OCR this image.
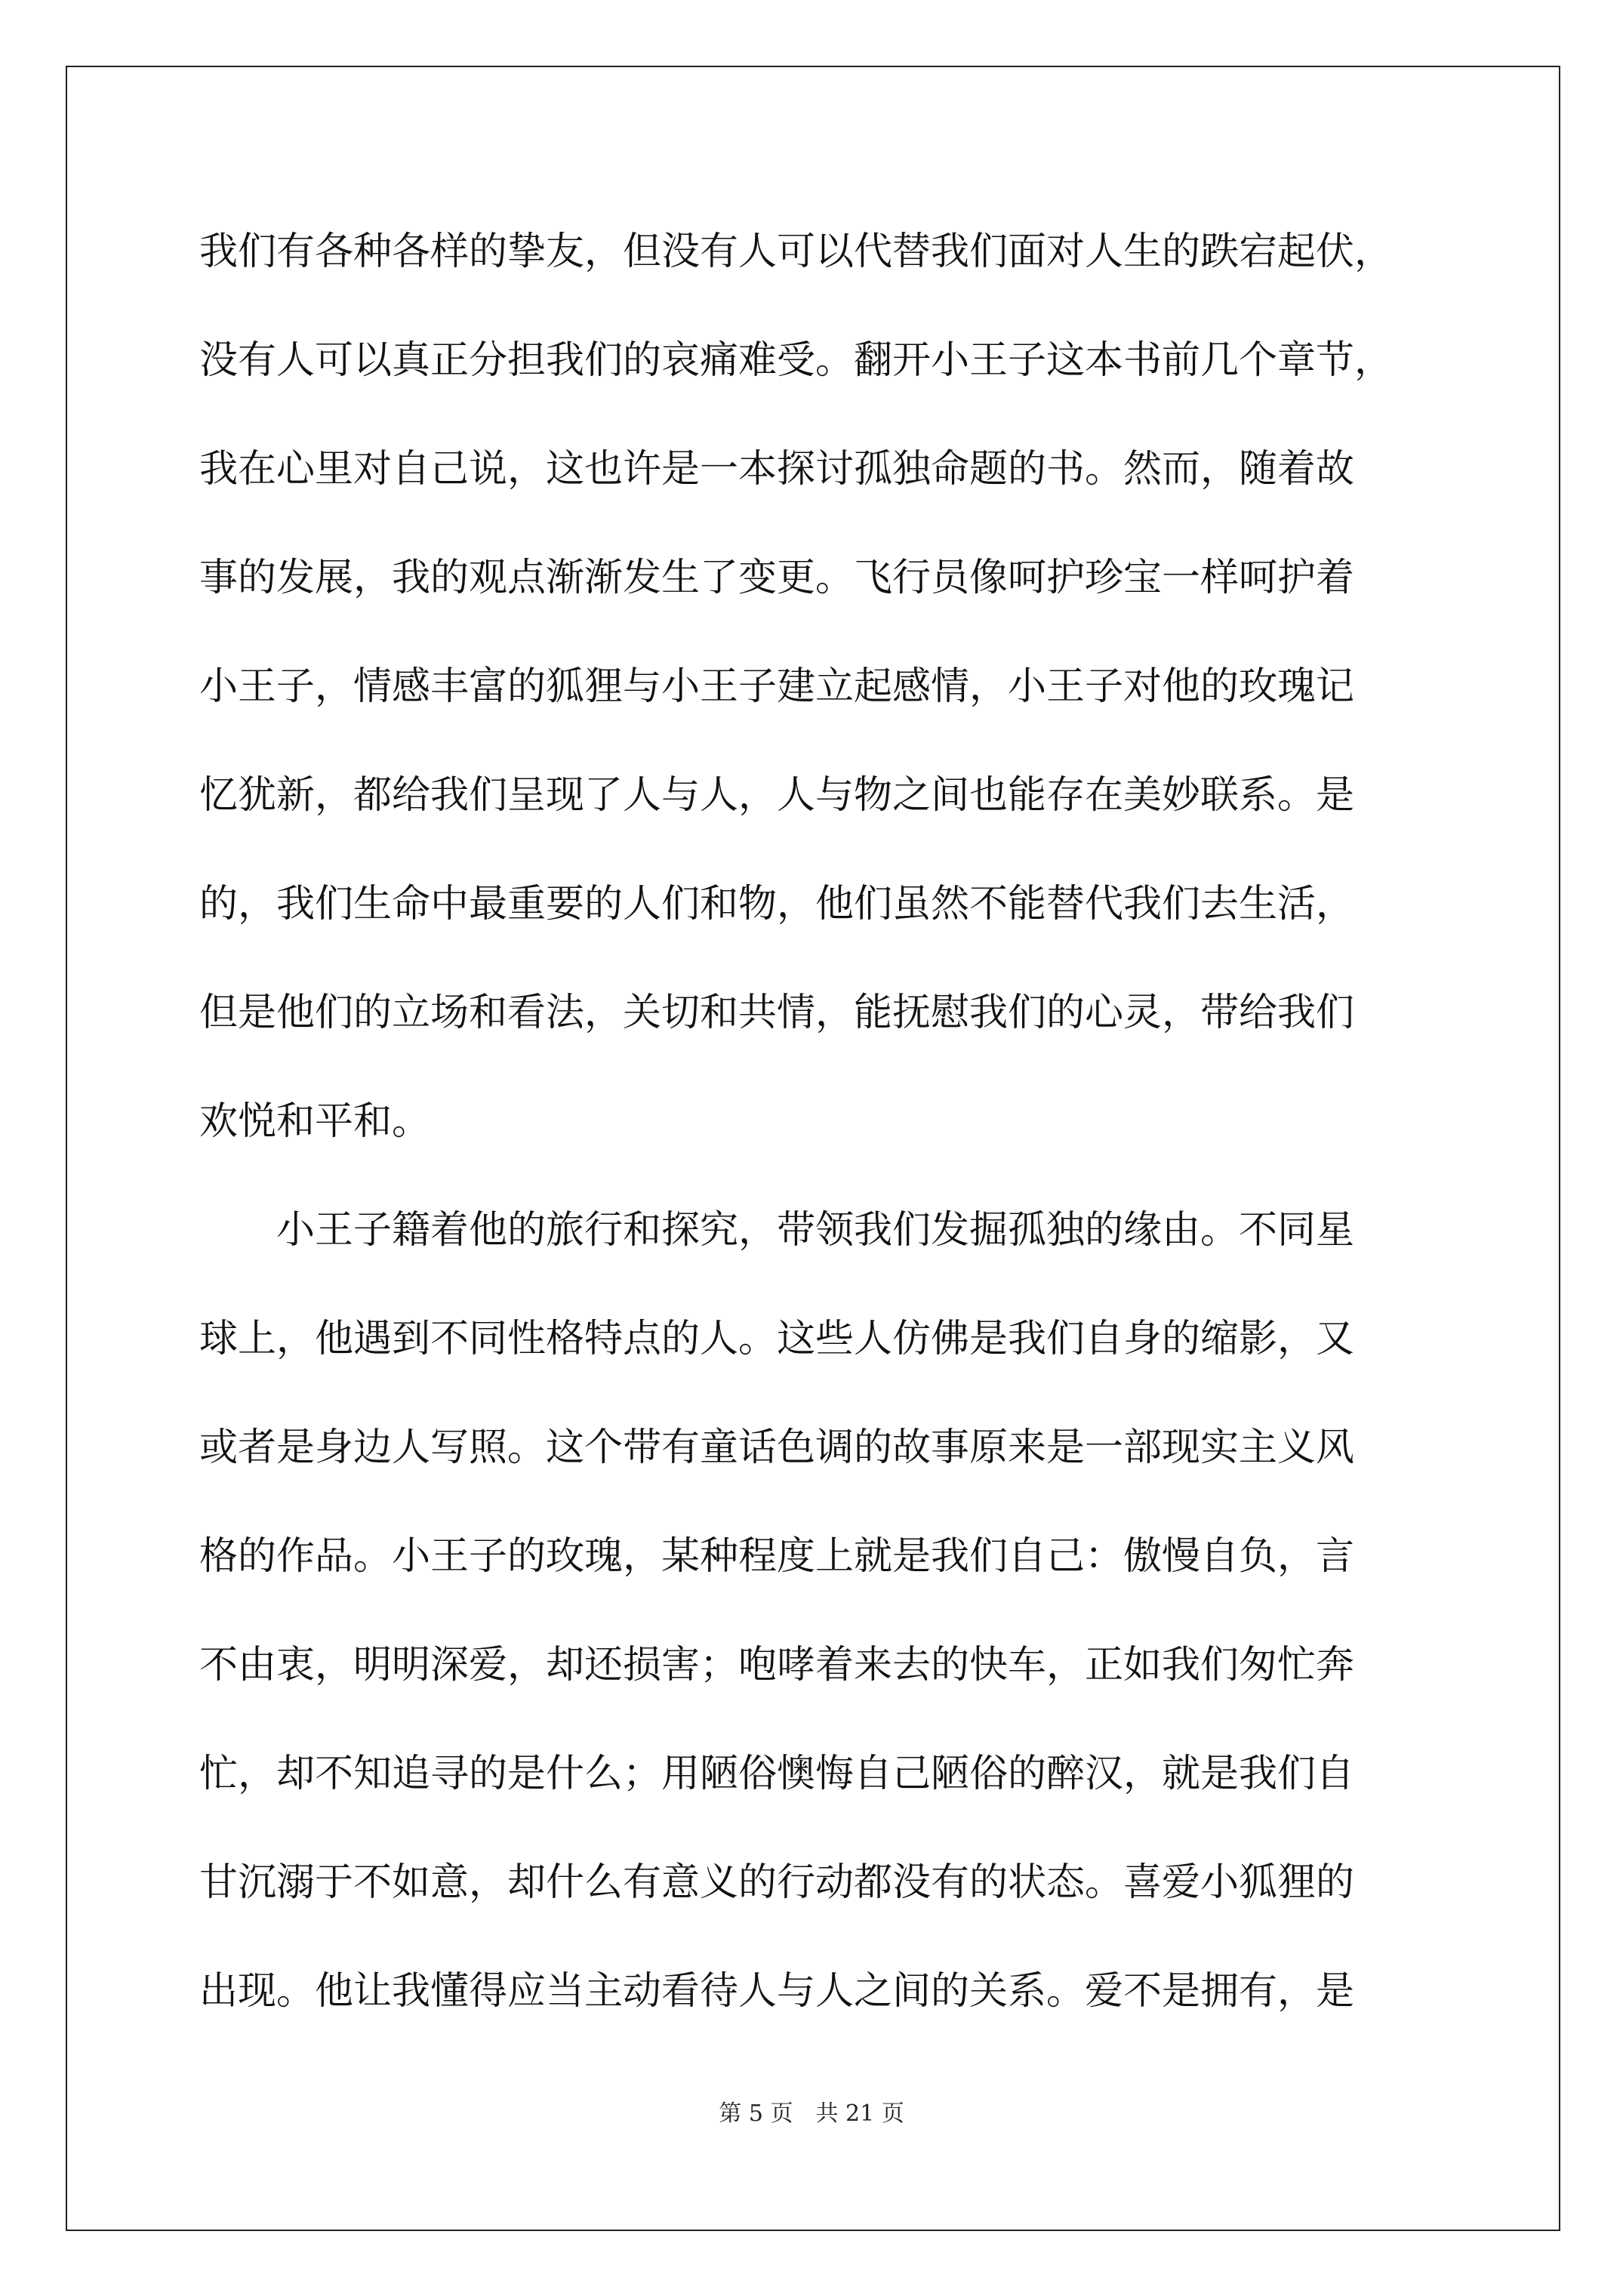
我们有各种各样的挚友，但没有人可以代替我们面对人生的跌宕起伏，
没有人可以真正分担我们的哀痛难受。翻开小王子这本书前几个章节，
我在心里对自己说，这也许是一本探讨孤独命题的书。然而，随着故
事的发展，我的观点渐渐发生了变更。飞行员像呵护珍宝一样呵护着
小王子，情感丰富的狐狸与小王子建立起感情，小王子对他的玫瑰记
忆犹新，都给我们呈现了人与人，人与物之间也能存在美妙联系。是
的，我们生命中最重要的人们和物，他们虽然不能替代我们去生活，
但是他们的立场和看法，关切和共情，能抚慰我们的心灵，带给我们
欢悦和平和。
小王子籍着他的旅行和探究，带领我们发掘孤独的缘由。不同星
球上，他遇到不同性格特点的人。这些人仿佛是我们自身的缩影，又
或者是身边人写照。这个带有童话色调的故事原来是一部现实主义风
格的作品。小王子的玫瑰，某种程度上就是我们自己：傲慢自负，言
不由衷，明明深爱，却还损害；咆哮着来去的快车，正如我们匆忙奔
忙，却不知追寻的是什么；用陋俗懊悔自己陋俗的醉汉，就是我们自
甘沉溺于不如意，却什么有意义的行动都没有的状态。喜爱小狐狸的
出现。他让我懂得应当主动看待人与人之间的关系。爱不是拥有，是
第 5 页　共 21 页
